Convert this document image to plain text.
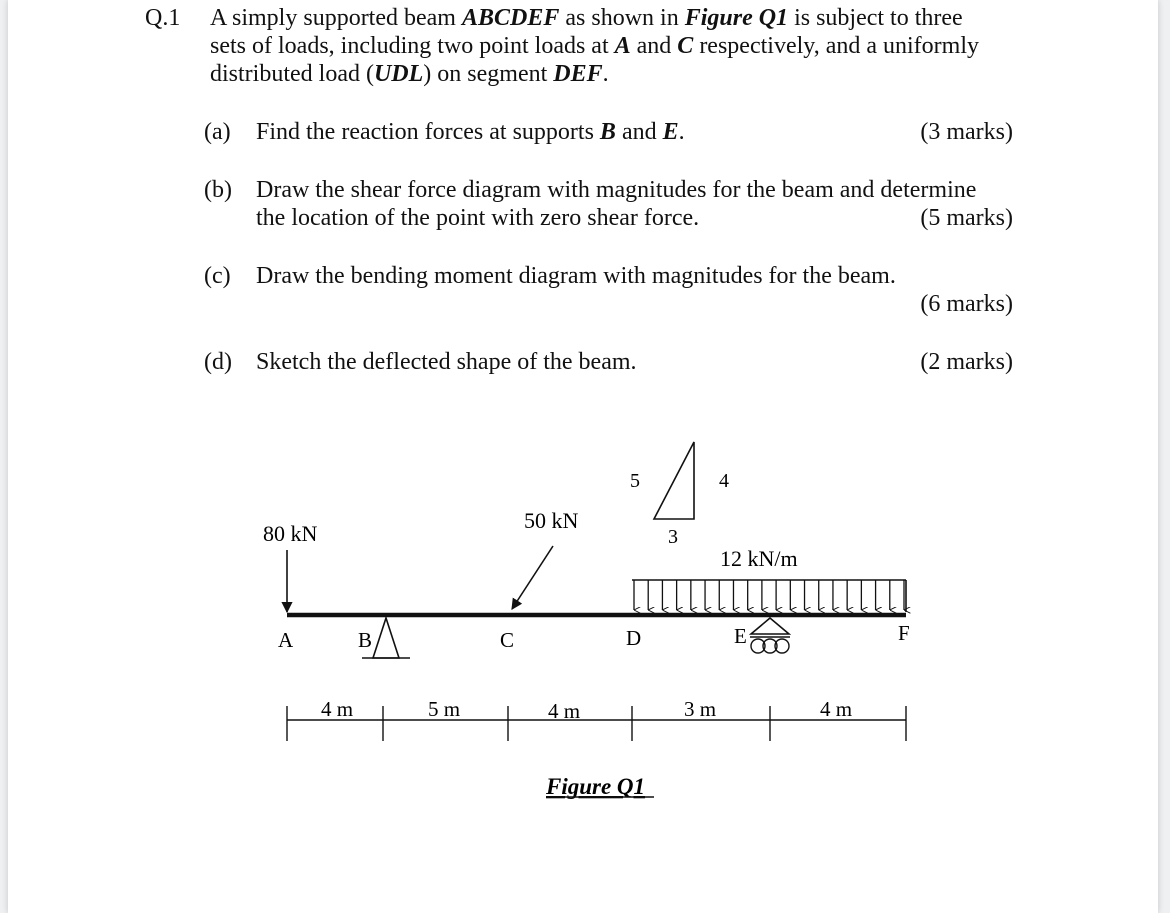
Q.1 A simply supported beam ABCDEF as shown in Figure Q1 is subject to three
sets of loads, including two point loads at A and C respectively, and a uniformly
distributed load (UDL) on segment DEF.
(a) Find the reaction forces at supports B and E.	(3 marks)
(b) Draw the shear force diagram with magnitudes for the beam and determine
the location of the point with zero shear force.	(5 marks)
(c) Draw the bending moment diagram with magnitudes for the beam.
(6 marks)
(d) Sketch the deflected shape of the beam.	(2 marks)
5	4
3
80 kN
50 kN
12 kN/m
A	B	C	D	E	F
4 m	5 m	4 m	3 m	4 m
Figure Q1
